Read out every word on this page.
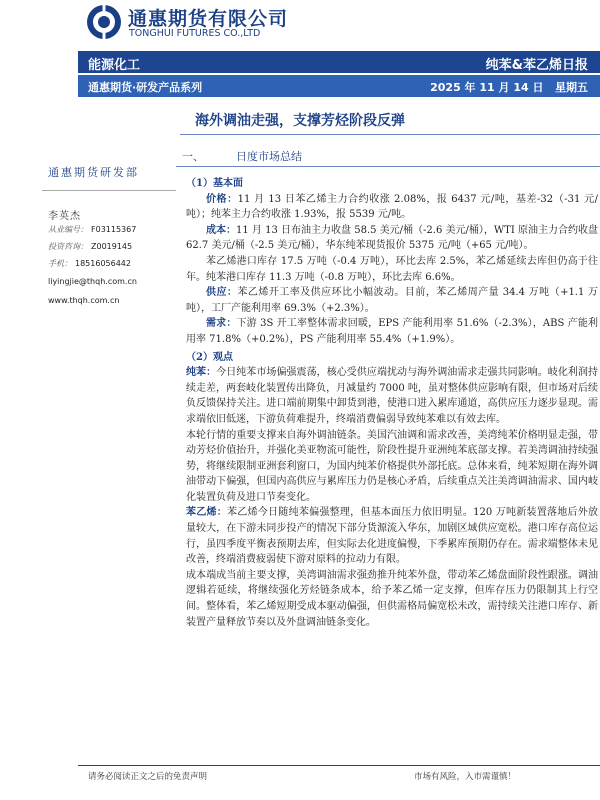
通惠期货有限公司
TONGHUI FUTURES CO.,LTD
能源化工	纯苯&苯乙烯日报
通惠期货·研发产品系列	2025 年 11 月 14 日 星期五
海外调油走强，支撑芳烃阶段反弹
通惠期货研发部
李英杰
从业编号： F03115367
投资咨询： Z0019145
手机： 18516056442
liyingjie@thqh.com.cn
www.thqh.com.cn
一、	日度市场总结

（1）基本面

价格：11 月 13 日苯乙烯主力合约收涨 2.08%，报 6437 元/吨，基差-32（-31 元/吨）；纯苯主力合约收涨 1.93%，报 5539 元/吨。

成本：11 月 13 日布油主力收盘 58.5 美元/桶（-2.6 美元/桶），WTI 原油主力合约收盘 62.7 美元/桶（-2.5 美元/桶），华东纯苯现货报价 5375 元/吨（+65 元/吨）。

苯乙烯港口库存 17.5 万吨（-0.4 万吨），环比去库 2.5%，苯乙烯延续去库但仍高于往年。纯苯港口库存 11.3 万吨（-0.8 万吨），环比去库 6.6%。

供应：苯乙烯开工率及供应环比小幅波动。目前，苯乙烯周产量 34.4 万吨（+1.1 万吨），工厂产能利用率 69.3%（+2.3%）。

需求：下游 3S 开工率整体需求回暖，EPS 产能利用率 51.6%（-2.3%），ABS 产能利用率 71.8%（+0.2%），PS 产能利用率 55.4%（+1.9%）。

（2）观点

纯苯：今日纯苯市场偏强震荡，核心受供应端扰动与海外调油需求走强共同影响。岐化利润持续走差，两套岐化装置传出降负，月减量约 7000 吨，虽对整体供应影响有限，但市场对后续负反馈保持关注。进口端前期集中卸货到港，使港口进入累库通道，高供应压力逐步显现。需求端依旧低迷，下游负荷难提升，终端消费偏弱导致纯苯难以有效去库。

本轮行情的重要支撑来自海外调油链条。美国汽油调和需求改善，美湾纯苯价格明显走强，带动芳烃价值抬升，并强化美亚物流可能性，阶段性提升亚洲纯苯底部支撑。若美湾调油持续强势，将继续限制亚洲套利窗口，为国内纯苯价格提供外部托底。总体来看，纯苯短期在海外调油带动下偏强，但国内高供应与累库压力仍是核心矛盾，后续重点关注美湾调油需求、国内岐化装置负荷及进口节奏变化。

苯乙烯：苯乙烯今日随纯苯偏强整理，但基本面压力依旧明显。120 万吨新装置落地后外放量较大，在下游未同步投产的情况下部分货源流入华东，加剧区域供应宽松。港口库存高位运行，虽四季度平衡表预期去库，但实际去化进度偏慢，下季累库预期仍存在。需求端整体未见改善，终端消费疲弱使下游对原料的拉动力有限。

成本端成当前主要支撑，美湾调油需求强劲推升纯苯外盘，带动苯乙烯盘面阶段性跟涨。调油逻辑若延续，将继续强化芳烃链条成本，给予苯乙烯一定支撑，但库存压力仍限制其上行空间。整体看，苯乙烯短期受成本驱动偏强，但供需格局偏宽松未改，需持续关注港口库存、新装置产量释放节奏以及外盘调油链条变化。

请务必阅读正文之后的免责声明	市场有风险，入市需谨慎！
